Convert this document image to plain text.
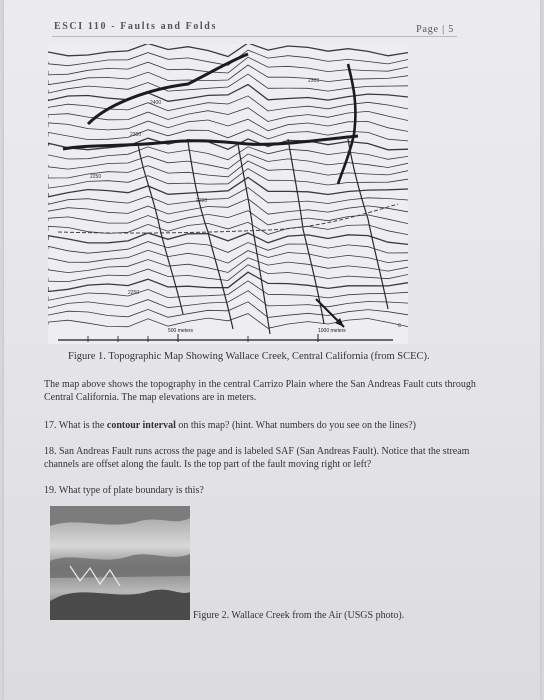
ESCI 110 - Faults and Folds	Page | 5
2400
2350
2300
2250
2200
2250
500 meters	1000 meters
c
Figure 1. Topographic Map Showing Wallace Creek, Central California (from SCEC).
The map above shows the topography in the central Carrizo Plain where the San Andreas Fault cuts through Central California. The map elevations are in meters.
17. What is the contour interval on this map? (hint. What numbers do you see on the lines?)
18. San Andreas Fault runs across the page and is labeled SAF (San Andreas Fault). Notice that the stream channels are offset along the fault. Is the top part of the fault moving right or left?
19. What type of plate boundary is this?
Figure 2. Wallace Creek from the Air (USGS photo).
